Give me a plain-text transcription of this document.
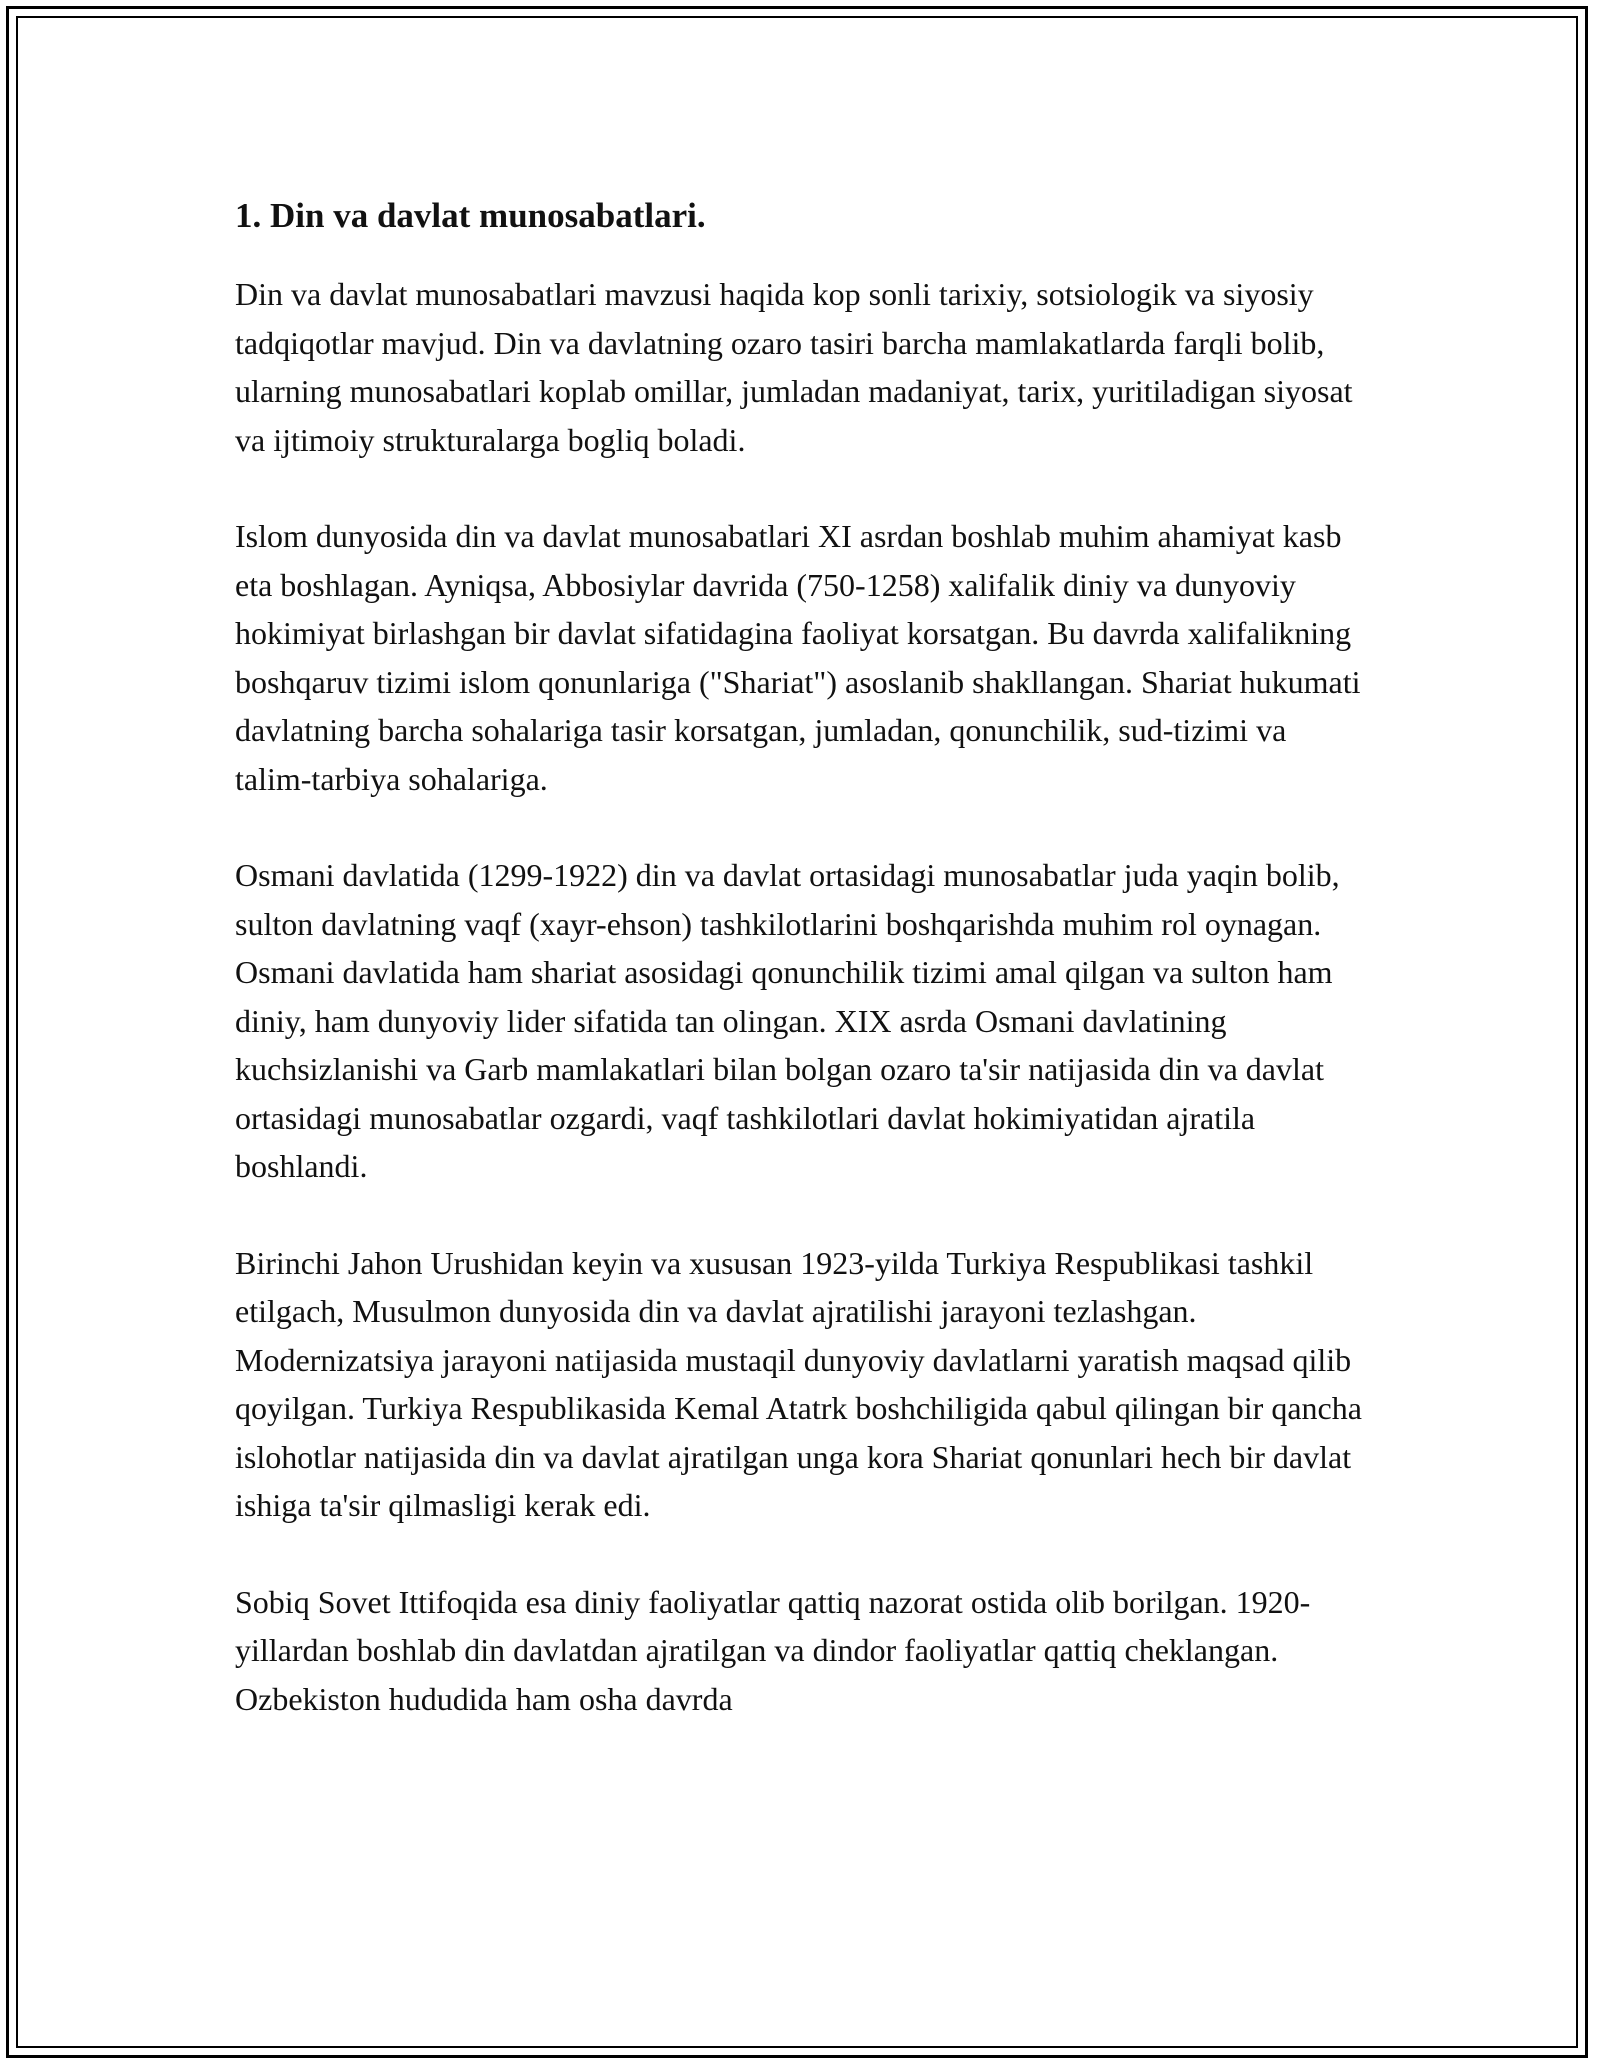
1. Din va davlat munosabatlari.

Din va davlat munosabatlari mavzusi haqida kop sonli tarixiy, sotsiologik va siyosiy tadqiqotlar mavjud. Din va davlatning ozaro tasiri barcha mamlakatlarda farqli bolib, ularning munosabatlari koplab omillar, jumladan madaniyat, tarix, yuritiladigan siyosat va ijtimoiy strukturalarga bogliq boladi.

Islom dunyosida din va davlat munosabatlari XI asrdan boshlab muhim ahamiyat kasb eta boshlagan. Ayniqsa, Abbosiylar davrida (750-1258) xalifalik diniy va dunyoviy hokimiyat birlashgan bir davlat sifatidagina faoliyat korsatgan. Bu davrda xalifalikning boshqaruv tizimi islom qonunlariga ("Shariat") asoslanib shakllangan. Shariat hukumati davlatning barcha sohalariga tasir korsatgan, jumladan, qonunchilik, sud-tizimi va talim-tarbiya sohalariga.

Osmani davlatida (1299-1922) din va davlat ortasidagi munosabatlar juda yaqin bolib, sulton davlatning vaqf (xayr-ehson) tashkilotlarini boshqarishda muhim rol oynagan. Osmani davlatida ham shariat asosidagi qonunchilik tizimi amal qilgan va sulton ham diniy, ham dunyoviy lider sifatida tan olingan. XIX asrda Osmani davlatining kuchsizlanishi va Garb mamlakatlari bilan bolgan ozaro ta'sir natijasida din va davlat ortasidagi munosabatlar ozgardi, vaqf tashkilotlari davlat hokimiyatidan ajratila boshlandi.

Birinchi Jahon Urushidan keyin va xususan 1923-yilda Turkiya Respublikasi tashkil etilgach, Musulmon dunyosida din va davlat ajratilishi jarayoni tezlashgan. Modernizatsiya jarayoni natijasida mustaqil dunyoviy davlatlarni yaratish maqsad qilib qoyilgan. Turkiya Respublikasida Kemal Atatrk boshchiligida qabul qilingan bir qancha islohotlar natijasida din va davlat ajratilgan unga kora Shariat qonunlari hech bir davlat ishiga ta'sir qilmasligi kerak edi.

Sobiq Sovet Ittifoqida esa diniy faoliyatlar qattiq nazorat ostida olib borilgan. 1920-yillardan boshlab din davlatdan ajratilgan va dindor faoliyatlar qattiq cheklangan. Ozbekiston hududida ham osha davrda
